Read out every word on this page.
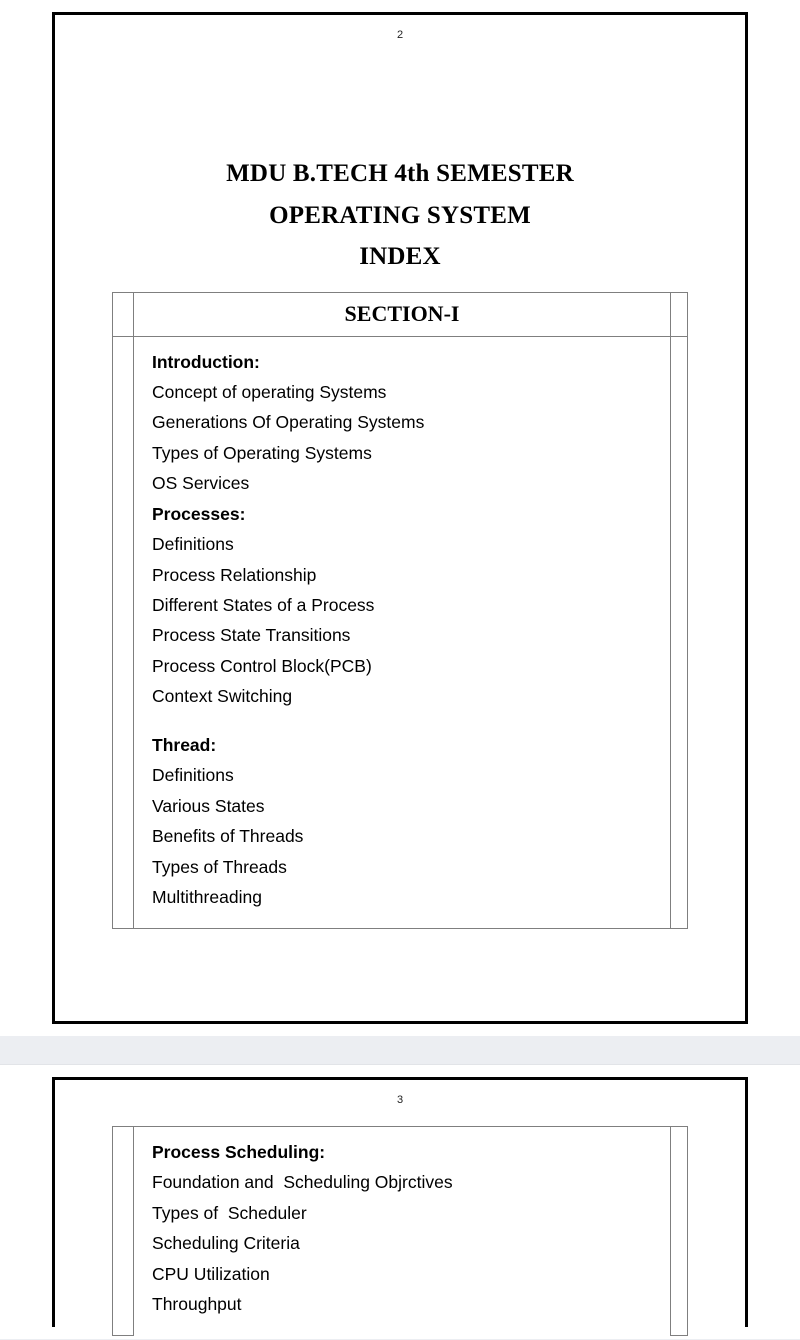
2
MDU B.TECH 4th SEMESTER
OPERATING SYSTEM
INDEX
	SECTION-I	

Introduction:
Concept of operating Systems
Generations Of Operating Systems
Types of Operating Systems
OS Services
Processes:
Definitions
Process Relationship
Different States of a Process
Process State Transitions
Process Control Block(PCB)
Context Switching
Thread:
Definitions
Various States
Benefits of Threads
Types of Threads
Multithreading

3

Process Scheduling:
Foundation and  Scheduling Objrctives
Types of  Scheduler
Scheduling Criteria
CPU Utilization
Throughput
